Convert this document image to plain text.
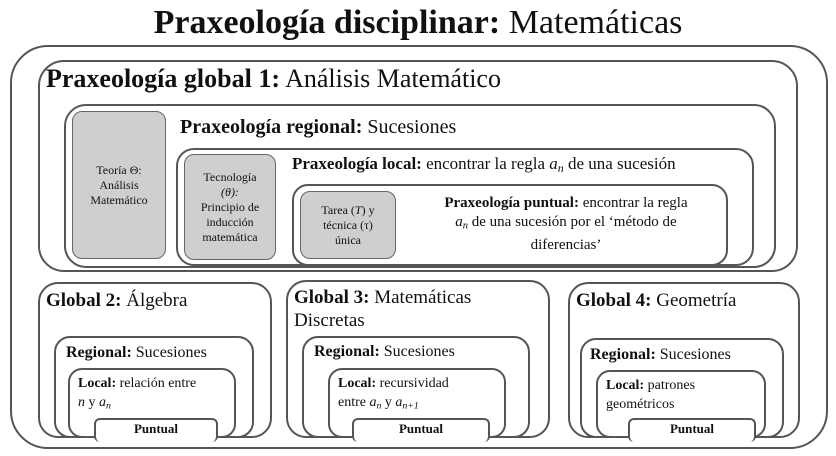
Praxeología disciplinar: Matemáticas
Praxeología global 1: Análisis Matemático
Praxeología regional: Sucesiones
Teoría Θ:
Análisis
Matemático
Praxeología local: encontrar la regla $a_n$ de una sucesión
Tecnología
(θ):
Principio de
inducción
matemática
Tarea (T) y
técnica (τ)
única
Praxeología puntual: encontrar la regla
$a_n$ de una sucesión por el ‘método de
diferencias’
Global 2: Álgebra
Regional: Sucesiones
Local: relación entre
n y $a_n$
Puntual
Global 3: Matemáticas
Discretas
Regional: Sucesiones
Local: recursividad
entre $a_n$ y $a_{n+1}$
Puntual
Global 4: Geometría
Regional: Sucesiones
Local: patrones
geométricos
Puntual
